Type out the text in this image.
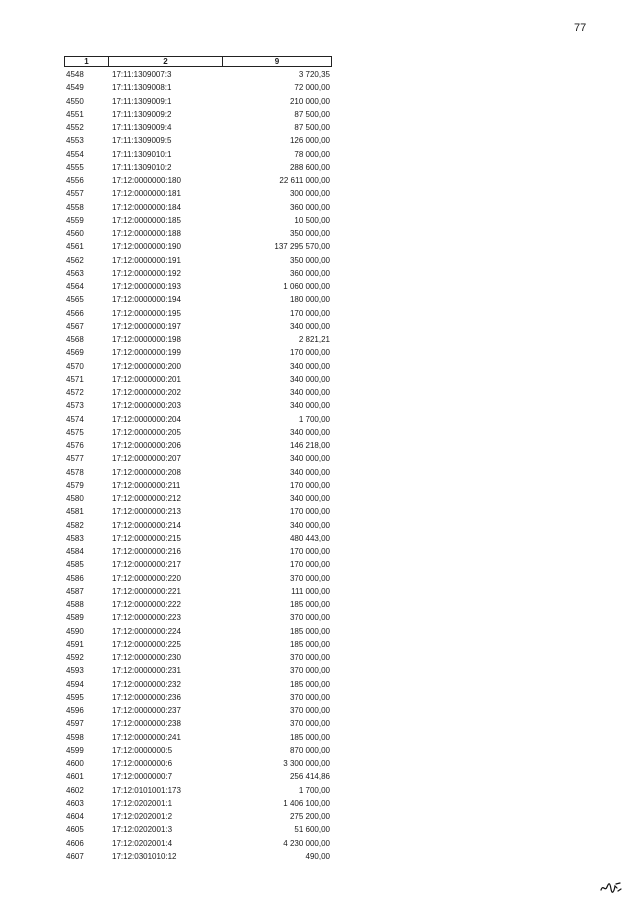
77
1	2	9
4548	17:11:1309007:3	3 720,35
4549	17:11:1309008:1	72 000,00
4550	17:11:1309009:1	210 000,00
4551	17:11:1309009:2	87 500,00
4552	17:11:1309009:4	87 500,00
4553	17:11:1309009:5	126 000,00
4554	17:11:1309010:1	78 000,00
4555	17:11:1309010:2	288 600,00
4556	17:12:0000000:180	22 611 000,00
4557	17:12:0000000:181	300 000,00
4558	17:12:0000000:184	360 000,00
4559	17:12:0000000:185	10 500,00
4560	17:12:0000000:188	350 000,00
4561	17:12:0000000:190	137 295 570,00
4562	17:12:0000000:191	350 000,00
4563	17:12:0000000:192	360 000,00
4564	17:12:0000000:193	1 060 000,00
4565	17:12:0000000:194	180 000,00
4566	17:12:0000000:195	170 000,00
4567	17:12:0000000:197	340 000,00
4568	17:12:0000000:198	2 821,21
4569	17:12:0000000:199	170 000,00
4570	17:12:0000000:200	340 000,00
4571	17:12:0000000:201	340 000,00
4572	17:12:0000000:202	340 000,00
4573	17:12:0000000:203	340 000,00
4574	17:12:0000000:204	1 700,00
4575	17:12:0000000:205	340 000,00
4576	17:12:0000000:206	146 218,00
4577	17:12:0000000:207	340 000,00
4578	17:12:0000000:208	340 000,00
4579	17:12:0000000:211	170 000,00
4580	17:12:0000000:212	340 000,00
4581	17:12:0000000:213	170 000,00
4582	17:12:0000000:214	340 000,00
4583	17:12:0000000:215	480 443,00
4584	17:12:0000000:216	170 000,00
4585	17:12:0000000:217	170 000,00
4586	17:12:0000000:220	370 000,00
4587	17:12:0000000:221	111 000,00
4588	17:12:0000000:222	185 000,00
4589	17:12:0000000:223	370 000,00
4590	17:12:0000000:224	185 000,00
4591	17:12:0000000:225	185 000,00
4592	17:12:0000000:230	370 000,00
4593	17:12:0000000:231	370 000,00
4594	17:12:0000000:232	185 000,00
4595	17:12:0000000:236	370 000,00
4596	17:12:0000000:237	370 000,00
4597	17:12:0000000:238	370 000,00
4598	17:12:0000000:241	185 000,00
4599	17:12:0000000:5	870 000,00
4600	17:12:0000000:6	3 300 000,00
4601	17:12:0000000:7	256 414,86
4602	17:12:0101001:173	1 700,00
4603	17:12:0202001:1	1 406 100,00
4604	17:12:0202001:2	275 200,00
4605	17:12:0202001:3	51 600,00
4606	17:12:0202001:4	4 230 000,00
4607	17:12:0301010:12	490,00
